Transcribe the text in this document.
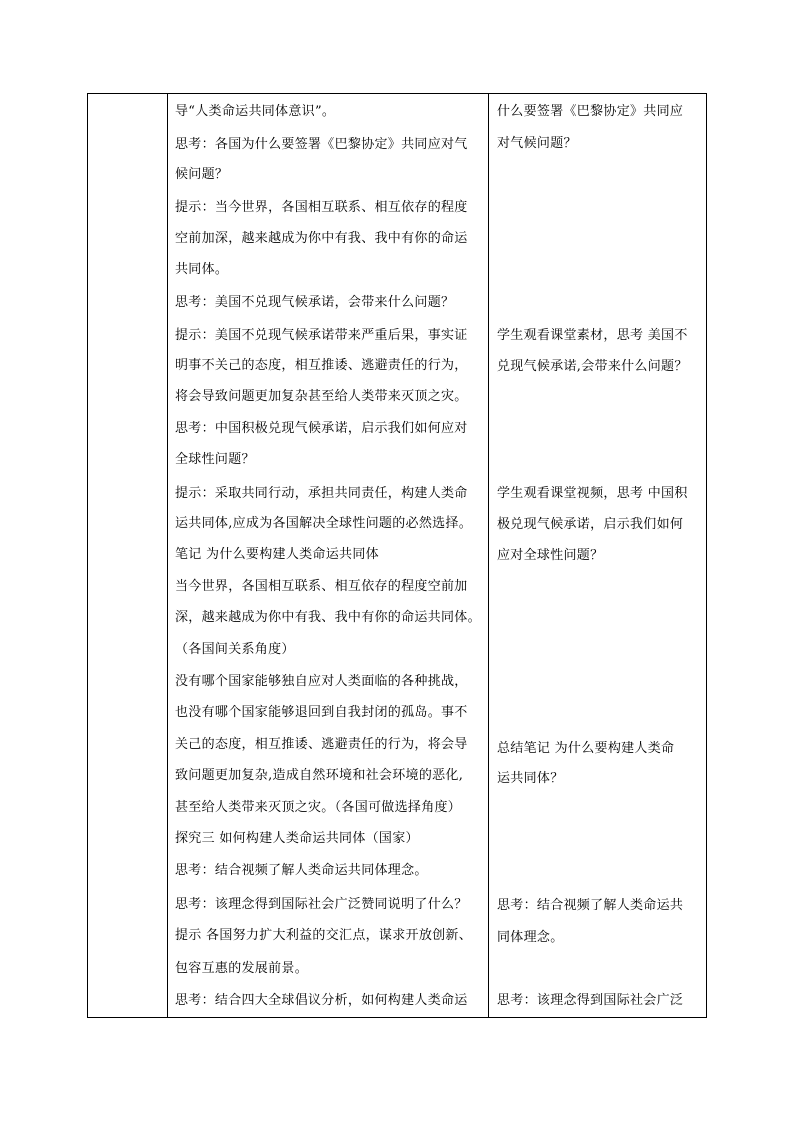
导“人类命运共同体意识”。
思考：各国为什么要签署《巴黎协定》共同应对气
候问题？
提示：当今世界，各国相互联系、相互依存的程度
空前加深，越来越成为你中有我、我中有你的命运
共同体。
思考：美国不兑现气候承诺，会带来什么问题？
提示：美国不兑现气候承诺带来严重后果，事实证
明事不关己的态度，相互推诿、逃避责任的行为，
将会导致问题更加复杂甚至给人类带来灭顶之灾。
思考：中国积极兑现气候承诺，启示我们如何应对
全球性问题？
提示：采取共同行动，承担共同责任，构建人类命
运共同体,应成为各国解决全球性问题的必然选择。
笔记 为什么要构建人类命运共同体
当今世界，各国相互联系、相互依存的程度空前加
深，越来越成为你中有我、我中有你的命运共同体。
（各国间关系角度）
没有哪个国家能够独自应对人类面临的各种挑战，
也没有哪个国家能够退回到自我封闭的孤岛。事不
关己的态度，相互推诿、逃避责任的行为，将会导
致问题更加复杂,造成自然环境和社会环境的恶化,
甚至给人类带来灭顶之灾。（各国可做选择角度）
探究三 如何构建人类命运共同体（国家）
思考：结合视频了解人类命运共同体理念。
思考：该理念得到国际社会广泛赞同说明了什么？
提示 各国努力扩大利益的交汇点，谋求开放创新、
包容互惠的发展前景。
思考：结合四大全球倡议分析，如何构建人类命运
什么要签署《巴黎协定》共同应
对气候问题？
学生观看课堂素材，思考 美国不
兑现气候承诺,会带来什么问题？
学生观看课堂视频，思考 中国积
极兑现气候承诺，启示我们如何
应对全球性问题？
总结笔记 为什么要构建人类命
运共同体？
思考：结合视频了解人类命运共
同体理念。
思考：该理念得到国际社会广泛
